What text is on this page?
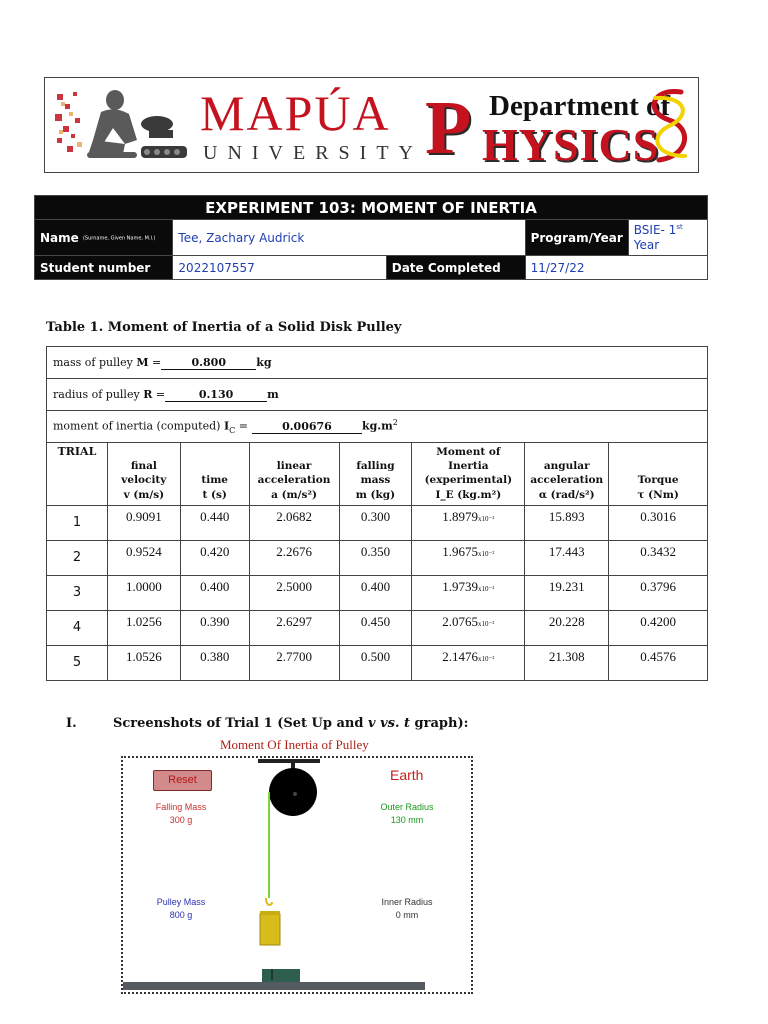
MAPÚA
UNIVERSITY P Department of
HYSICS
EXPERIMENT 103: MOMENT OF INERTIA				
Name (Surname, Given Name, M.I.)	Tee, Zachary Audrick		Program/Year	BSIE- 1st
Year
Student number	2022107557	Date Completed	11/27/22	
Table 1. Moment of Inertia of a Solid Disk Pulley
mass of pulley M = 0.800 kg							
radius of pulley R = 0.130 m							
moment of inertia (computed) $I_C = 0.00676$ $kg.m^2$
TRIAL	final
velocity
v (m/s)	time
t (s)	linear
acceleration
a (m/s²)	falling
mass
m (kg)	Moment of
Inertia
(experimental)
I_E (kg.m²)	angular
acceleration
α (rad/s²)	Torque
τ (Nm)
1	0.9091	0.440	2.0682	0.300	1.8979x10⁻²	15.893	0.3016
2	0.9524	0.420	2.2676	0.350	1.9675x10⁻²	17.443	0.3432
3	1.0000	0.400	2.5000	0.400	1.9739x10⁻²	19.231	0.3796
4	1.0256	0.390	2.6297	0.450	2.0765x10⁻²	20.228	0.4200
5	1.0526	0.380	2.7700	0.500	2.1476x10⁻²	21.308	0.4576
I.	Screenshots of Trial 1 (Set Up and v vs. t graph):
Moment Of Inertia of Pulley
Reset	Earth
Falling Mass
300 g
Outer Radius
130 mm
Pulley Mass
800 g
Inner Radius
0 mm
